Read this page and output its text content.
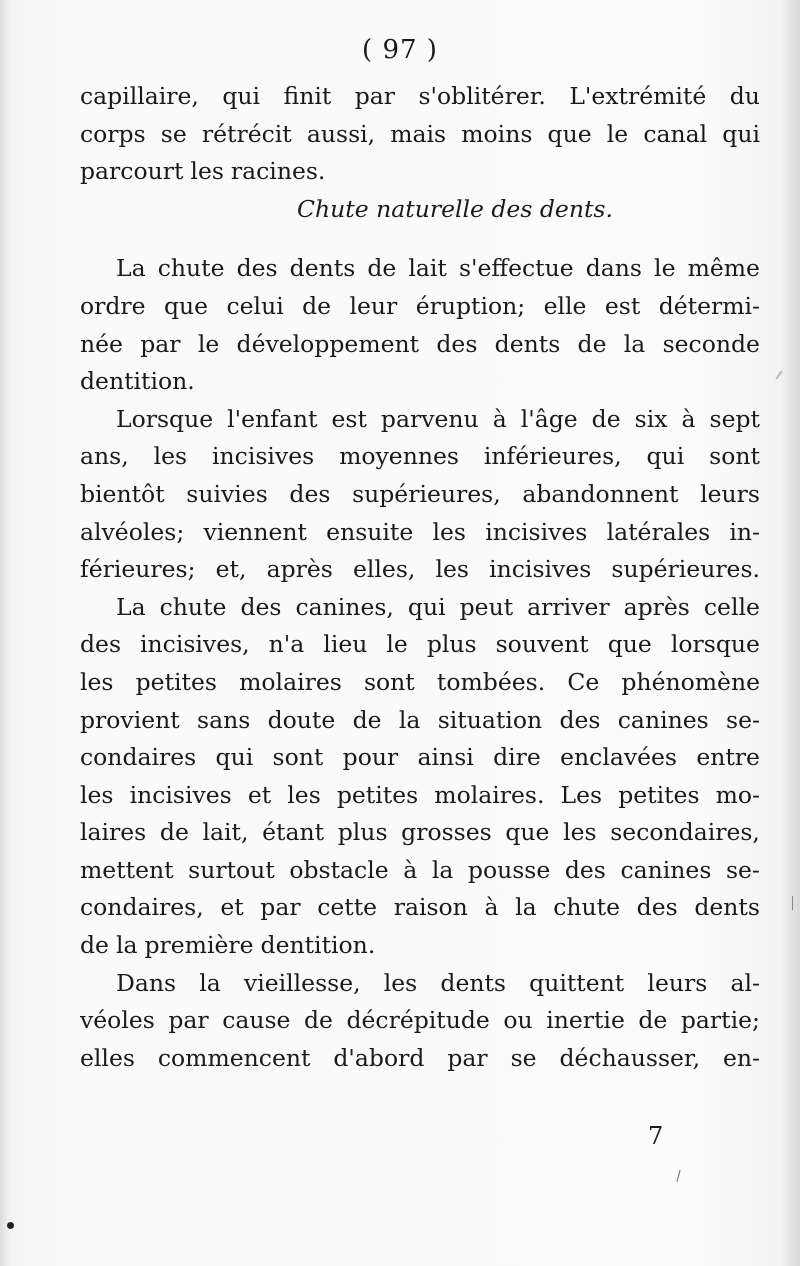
( 97 )
capillaire, qui finit par s'oblitérer. L'extrémité du
corps se rétrécit aussi, mais moins que le canal qui
parcourt les racines.
Chute naturelle des dents.
La chute des dents de lait s'effectue dans le même
ordre que celui de leur éruption; elle est détermi-
née par le développement des dents de la seconde
dentition.
Lorsque l'enfant est parvenu à l'âge de six à sept
ans, les incisives moyennes inférieures, qui sont
bientôt suivies des supérieures, abandonnent leurs
alvéoles; viennent ensuite les incisives latérales in-
férieures; et, après elles, les incisives supérieures.
La chute des canines, qui peut arriver après celle
des incisives, n'a lieu le plus souvent que lorsque
les petites molaires sont tombées. Ce phénomène
provient sans doute de la situation des canines se-
condaires qui sont pour ainsi dire enclavées entre
les incisives et les petites molaires. Les petites mo-
laires de lait, étant plus grosses que les secondaires,
mettent surtout obstacle à la pousse des canines se-
condaires, et par cette raison à la chute des dents
de la première dentition.
Dans la vieillesse, les dents quittent leurs al-
véoles par cause de décrépitude ou inertie de partie;
elles commencent d'abord par se déchausser, en-
7
